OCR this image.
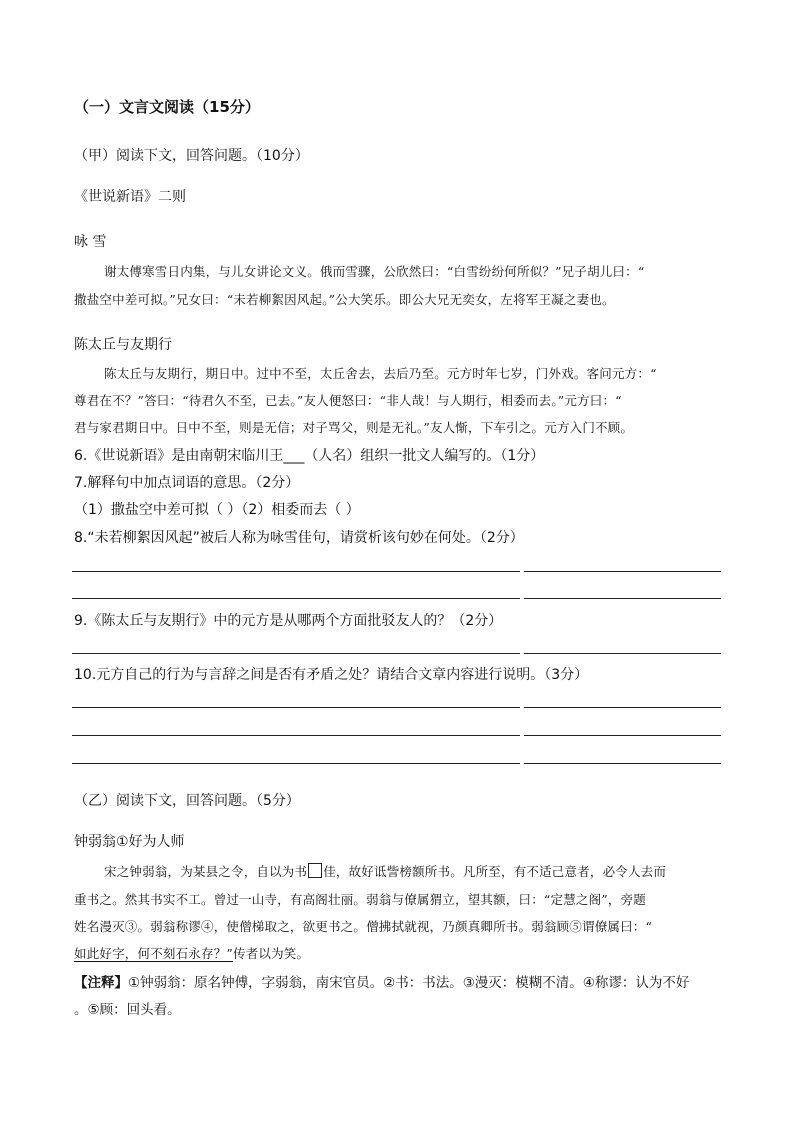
（一）文言文阅读（15分）
（甲）阅读下文，回答问题。（10分）
《世说新语》二则
咏 雪
谢太傅寒雪日内集，与儿女讲论文义。俄而雪骤，公欣然曰：“白雪纷纷何所似？”兄子胡儿曰：“
撒盐空中差可拟。”兄女曰：“未若柳絮因风起。”公大笑乐。即公大兄无奕女，左将军王凝之妻也。
陈太丘与友期行
陈太丘与友期行，期日中。过中不至，太丘舍去，去后乃至。元方时年七岁，门外戏。客问元方：“
尊君在不？”答曰：“待君久不至，已去。”友人便怒曰：“非人哉！与人期行，相委而去。”元方曰：“
君与家君期日中。日中不至，则是无信；对子骂父，则是无礼。”友人惭，下车引之。元方入门不顾。
6.《世说新语》是由南朝宋临川王___（人名）组织一批文人编写的。（1分）
7.解释句中加点词语的意思。（2分）
（1）撒盐空中差可拟（ ）（2）相委而去（ ）
8.“未若柳絮因风起”被后人称为咏雪佳句，请赏析该句妙在何处。（2分）
9.《陈太丘与友期行》中的元方是从哪两个方面批驳友人的？（2分）
10.元方自己的行为与言辞之间是否有矛盾之处？请结合文章内容进行说明。（3分）
（乙）阅读下文，回答问题。（5分）
钟弱翁①好为人师
宋之钟弱翁，为某县之令，自以为书 佳，故好诋訾榜额所书。凡所至，有不适己意者，必令人去而
重书之。然其书实不工。曾过一山寺，有高阁壮丽。弱翁与僚属猬立，望其额，曰：“定慧之阁”，旁题
姓名漫灭③。弱翁称谬④，使僧梯取之，欲更书之。僧拂拭就视，乃颜真卿所书。弱翁顾⑤谓僚属曰：“
如此好字，何不刻石永存？”传者以为笑。
【注释】①钟弱翁：原名钟傅，字弱翁，南宋官员。②书：书法。③漫灭：模糊不清。④称谬：认为不好
。⑤顾：回头看。
